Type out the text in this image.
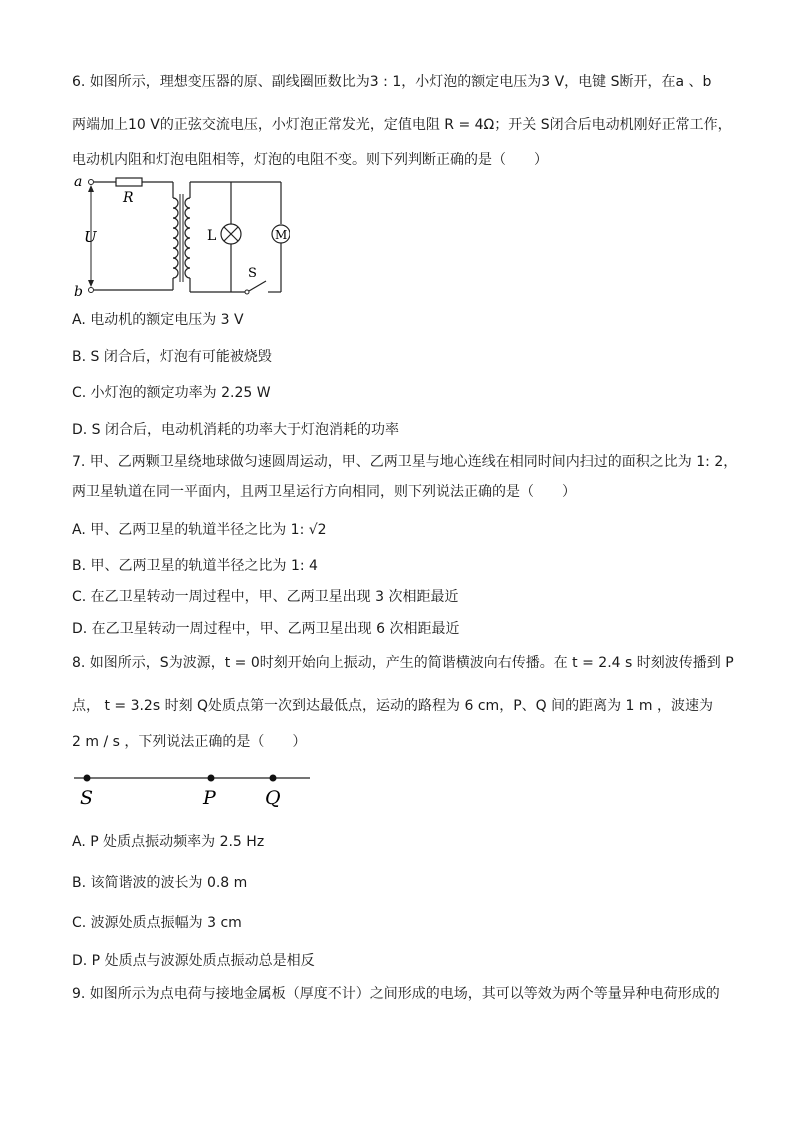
6. 如图所示，理想变压器的原、副线圈匝数比为3 : 1，小灯泡的额定电压为3 V，电键 S断开，在a 、b
两端加上10 V的正弦交流电压，小灯泡正常发光，定值电阻 R = 4Ω；开关 S闭合后电动机刚好正常工作，
电动机内阻和灯泡电阻相等，灯泡的电阻不变。则下列判断正确的是（　　）
a
b
U
R
L	M
S
A. 电动机的额定电压为 3 V
B. S 闭合后，灯泡有可能被烧毁
C. 小灯泡的额定功率为 2.25 W
D. S 闭合后，电动机消耗的功率大于灯泡消耗的功率
7. 甲、乙两颗卫星绕地球做匀速圆周运动，甲、乙两卫星与地心连线在相同时间内扫过的面积之比为 1: 2，
两卫星轨道在同一平面内，且两卫星运行方向相同，则下列说法正确的是（　　）
A. 甲、乙两卫星的轨道半径之比为 1: √2
B. 甲、乙两卫星的轨道半径之比为 1: 4
C. 在乙卫星转动一周过程中，甲、乙两卫星出现 3 次相距最近
D. 在乙卫星转动一周过程中，甲、乙两卫星出现 6 次相距最近
8. 如图所示，S为波源，t = 0时刻开始向上振动，产生的简谐横波向右传播。在 t = 2.4 s 时刻波传播到 P
点， t = 3.2s 时刻 Q处质点第一次到达最低点，运动的路程为 6 cm，P、Q 间的距离为 1 m ，波速为
2 m / s ，下列说法正确的是（　　）
S	P	Q
A. P 处质点振动频率为 2.5 Hz
B. 该简谐波的波长为 0.8 m
C. 波源处质点振幅为 3 cm
D. P 处质点与波源处质点振动总是相反
9. 如图所示为点电荷与接地金属板（厚度不计）之间形成的电场，其可以等效为两个等量异种电荷形成的
